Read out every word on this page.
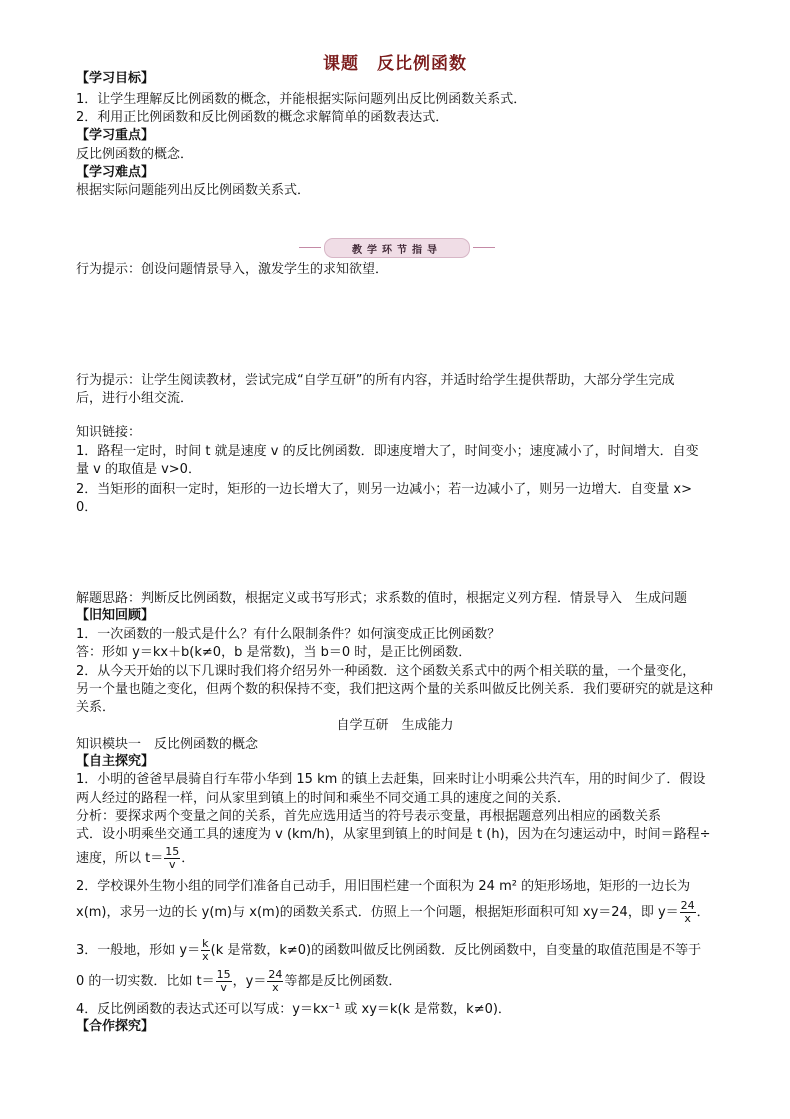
课题　反比例函数
【学习目标】
1．让学生理解反比例函数的概念，并能根据实际问题列出反比例函数关系式．
2．利用正比例函数和反比例函数的概念求解简单的函数表达式．
【学习重点】
反比例函数的概念．
【学习难点】
根据实际问题能列出反比例函数关系式．
教学环节指导
行为提示：创设问题情景导入，激发学生的求知欲望．
行为提示：让学生阅读教材，尝试完成“自学互研”的所有内容，并适时给学生提供帮助，大部分学生完成
后，进行小组交流．
知识链接：
1．路程一定时，时间 t 就是速度 v 的反比例函数．即速度增大了，时间变小；速度减小了，时间增大．自变
量 v 的取值是 v>0．
2．当矩形的面积一定时，矩形的一边长增大了，则另一边减小；若一边减小了，则另一边增大．自变量 x>
0．
解题思路：判断反比例函数，根据定义或书写形式；求系数的值时，根据定义列方程．情景导入　生成问题
【旧知回顾】
1．一次函数的一般式是什么？有什么限制条件？如何演变成正比例函数？
答：形如 y＝kx＋b(k≠0，b 是常数)，当 b＝0 时，是正比例函数．
2．从今天开始的以下几课时我们将介绍另外一种函数．这个函数关系式中的两个相关联的量，一个量变化，
另一个量也随之变化，但两个数的积保持不变，我们把这两个量的关系叫做反比例关系．我们要研究的就是这种
关系．
自学互研　生成能力
知识模块一　反比例函数的概念
【自主探究】
1．小明的爸爸早晨骑自行车带小华到 15 km 的镇上去赶集，回来时让小明乘公共汽车，用的时间少了．假设
两人经过的路程一样，问从家里到镇上的时间和乘坐不同交通工具的速度之间的关系．
分析：要探求两个变量之间的关系，首先应选用适当的符号表示变量，再根据题意列出相应的函数关系
式．设小明乘坐交通工具的速度为 v (km/h)，从家里到镇上的时间是 t (h)，因为在匀速运动中，时间＝路程÷
速度，所以 $t= \frac{15}{v}$ ．
2．学校课外生物小组的同学们准备自己动手，用旧围栏建一个面积为 24 m² 的矩形场地，矩形的一边长为
x(m)，求另一边的长 y(m)与 x(m)的函数关系式．仿照上一个问题，根据矩形面积可知 xy＝24，即 $y= \frac{24}{x}$ ．
3．一般地，形如 $y= \frac{k}{x} (k$ 是常数，k≠0)的函数叫做反比例函数．反比例函数中，自变量的取值范围是不等于
0 的一切实数．比如 $t= \frac{15}{v}$ ，$y= \frac{24}{x}$ 等都是反比例函数．
4．反比例函数的表达式还可以写成：y＝kx⁻¹ 或 xy＝k(k 是常数，k≠0)．
【合作探究】
